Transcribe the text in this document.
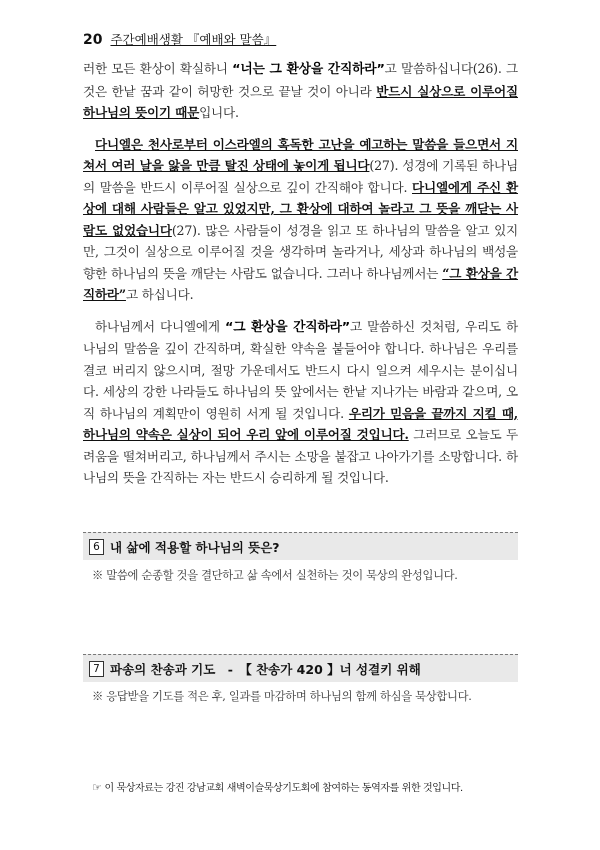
20 주간예배생활 『예배와 말씀』

러한 모든 환상이 확실하니 “너는 그 환상을 간직하라”고 말씀하십니다(26). 그것은 한낱 꿈과 같이 허망한 것으로 끝날 것이 아니라 반드시 실상으로 이루어질 하나님의 뜻이기 때문입니다.

다니엘은 천사로부터 이스라엘의 혹독한 고난을 예고하는 말씀을 들으면서 지쳐서 여러 날을 앓을 만큼 탈진 상태에 놓이게 됩니다(27). 성경에 기록된 하나님의 말씀을 반드시 이루어질 실상으로 깊이 간직해야 합니다. 다니엘에게 주신 환상에 대해 사람들은 알고 있었지만, 그 환상에 대하여 놀라고 그 뜻을 깨닫는 사람도 없었습니다(27). 많은 사람들이 성경을 읽고 또 하나님의 말씀을 알고 있지만, 그것이 실상으로 이루어질 것을 생각하며 놀라거나, 세상과 하나님의 백성을 향한 하나님의 뜻을 깨닫는 사람도 없습니다. 그러나 하나님께서는 “그 환상을 간직하라”고 하십니다.

하나님께서 다니엘에게 “그 환상을 간직하라”고 말씀하신 것처럼, 우리도 하나님의 말씀을 깊이 간직하며, 확실한 약속을 붙들어야 합니다. 하나님은 우리를 결코 버리지 않으시며, 절망 가운데서도 반드시 다시 일으켜 세우시는 분이십니다. 세상의 강한 나라들도 하나님의 뜻 앞에서는 한낱 지나가는 바람과 같으며, 오직 하나님의 계획만이 영원히 서게 될 것입니다. 우리가 믿음을 끝까지 지킬 때, 하나님의 약속은 실상이 되어 우리 앞에 이루어질 것입니다. 그러므로 오늘도 두려움을 떨쳐버리고, 하나님께서 주시는 소망을 붙잡고 나아가기를 소망합니다. 하나님의 뜻을 간직하는 자는 반드시 승리하게 될 것입니다.

6 내 삶에 적용할 하나님의 뜻은?
※ 말씀에 순종할 것을 결단하고 삶 속에서 실천하는 것이 묵상의 완성입니다.
7 파송의 찬송과 기도　-　【 찬송가 420 】너 성결키 위해
※ 응답받을 기도를 적은 후, 일과를 마감하며 하나님의 함께 하심을 묵상합니다.
☞ 이 묵상자료는 강진 강남교회 새벽이슬묵상기도회에 참여하는 동역자를 위한 것입니다.
